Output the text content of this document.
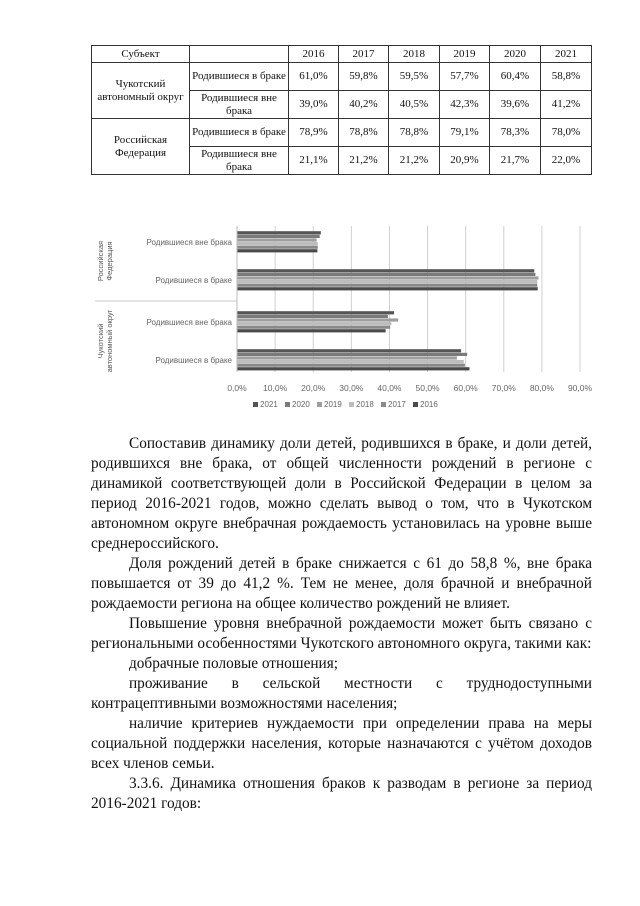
Субъект		2016	2017	2018	2019	2020	2021
Чукотский автономный округ	Родившиеся в браке	61,0%	59,8%	59,5%	57,7%	60,4%	58,8%
	Родившиеся вне брака	39,0%	40,2%	40,5%	42,3%	39,6%	41,2%
Российская Федерация	Родившиеся в браке	78,9%	78,8%	78,8%	79,1%	78,3%	78,0%
	Родившиеся вне брака	21,1%	21,2%	21,2%	20,9%	21,7%	22,0%
0,0% 10,0% 20,0% 30,0% 40,0% 50,0% 60,0% 70,0% 80,0% 90,0%
Родившиеся вне брака
Родившиеся в браке
Родившиеся вне брака
Родившиеся в браке
РоссийскаяФедерация
Чукотскийавтономный округ
2021 2020 2019 2018 2017 2016

Сопоставив динамику доли детей, родившихся в браке, и доли детей, родившихся вне брака, от общей численности рождений в регионе с динамикой соответствующей доли в Российской Федерации в целом за период 2016-2021 годов, можно сделать вывод о том, что в Чукотском автономном округе внебрачная рождаемость установилась на уровне выше среднероссийского.

Доля рождений детей в браке снижается с 61 до 58,8 %, вне брака повышается от 39 до 41,2 %. Тем не менее, доля брачной и внебрачной рождаемости региона на общее количество рождений не влияет.

Повышение уровня внебрачной рождаемости может быть связано с региональными особенностями Чукотского автономного округа, такими как:

добрачные половые отношения;

проживание в сельской местности с труднодоступными контрацептивными возможностями населения;

наличие критериев нуждаемости при определении права на меры социальной поддержки населения, которые назначаются с учётом доходов всех членов семьи.

3.3.6. Динамика отношения браков к разводам в регионе за период 2016-2021 годов:
